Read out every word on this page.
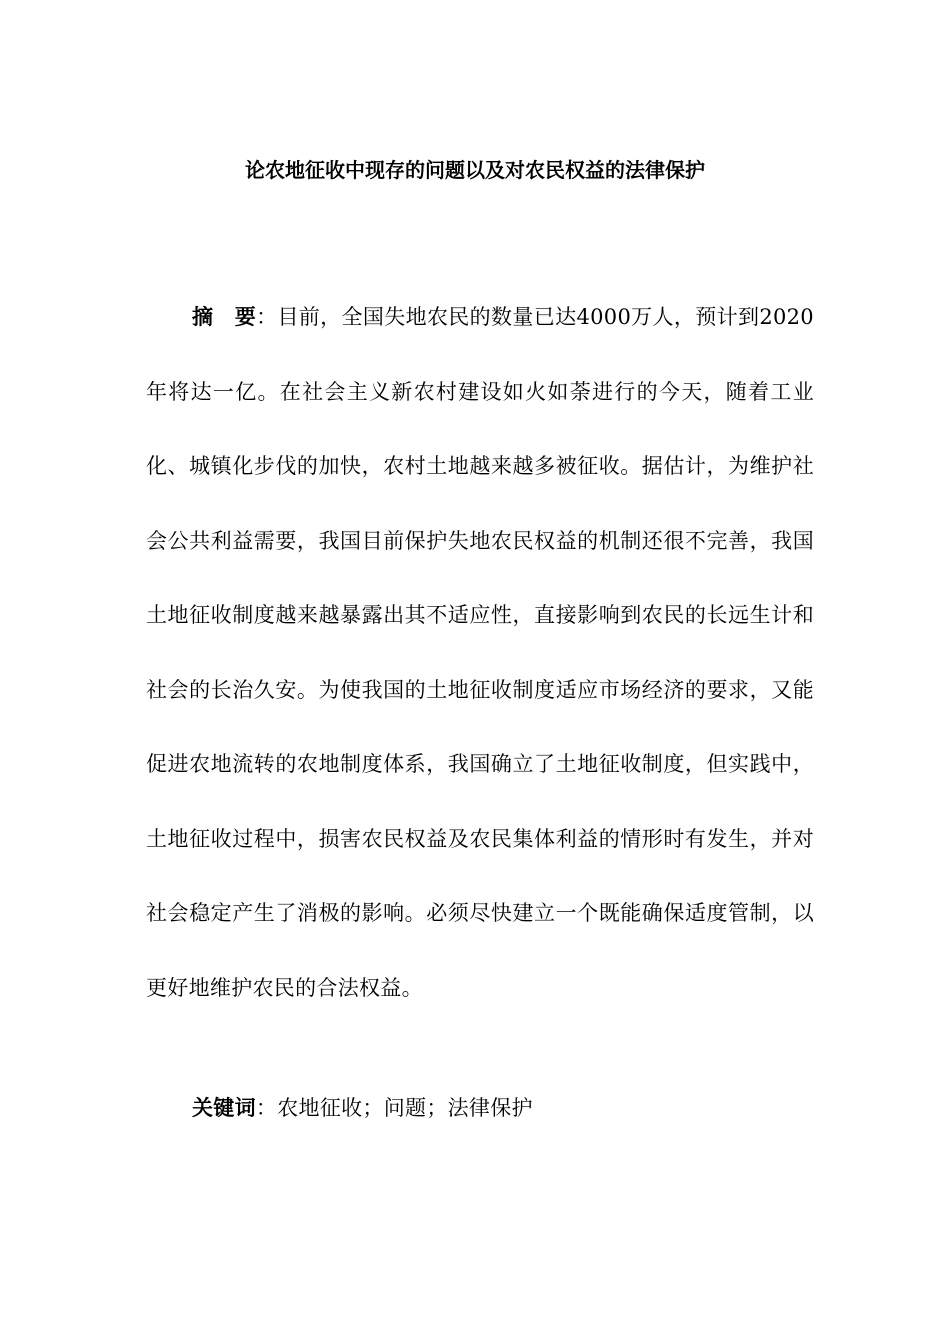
论农地征收中现存的问题以及对农民权益的法律保护

摘　要：目前，全国失地农民的数量已达4000万人，预计到2020年将达一亿。在社会主义新农村建设如火如荼进行的今天，随着工业化、城镇化步伐的加快，农村土地越来越多被征收。据估计，为维护社会公共利益需要，我国目前保护失地农民权益的机制还很不完善，我国土地征收制度越来越暴露出其不适应性，直接影响到农民的长远生计和社会的长治久安。为使我国的土地征收制度适应市场经济的要求，又能促进农地流转的农地制度体系，我国确立了土地征收制度，但实践中，土地征收过程中，损害农民权益及农民集体利益的情形时有发生，并对社会稳定产生了消极的影响。必须尽快建立一个既能确保适度管制，以更好地维护农民的合法权益。

关键词：农地征收；问题；法律保护
